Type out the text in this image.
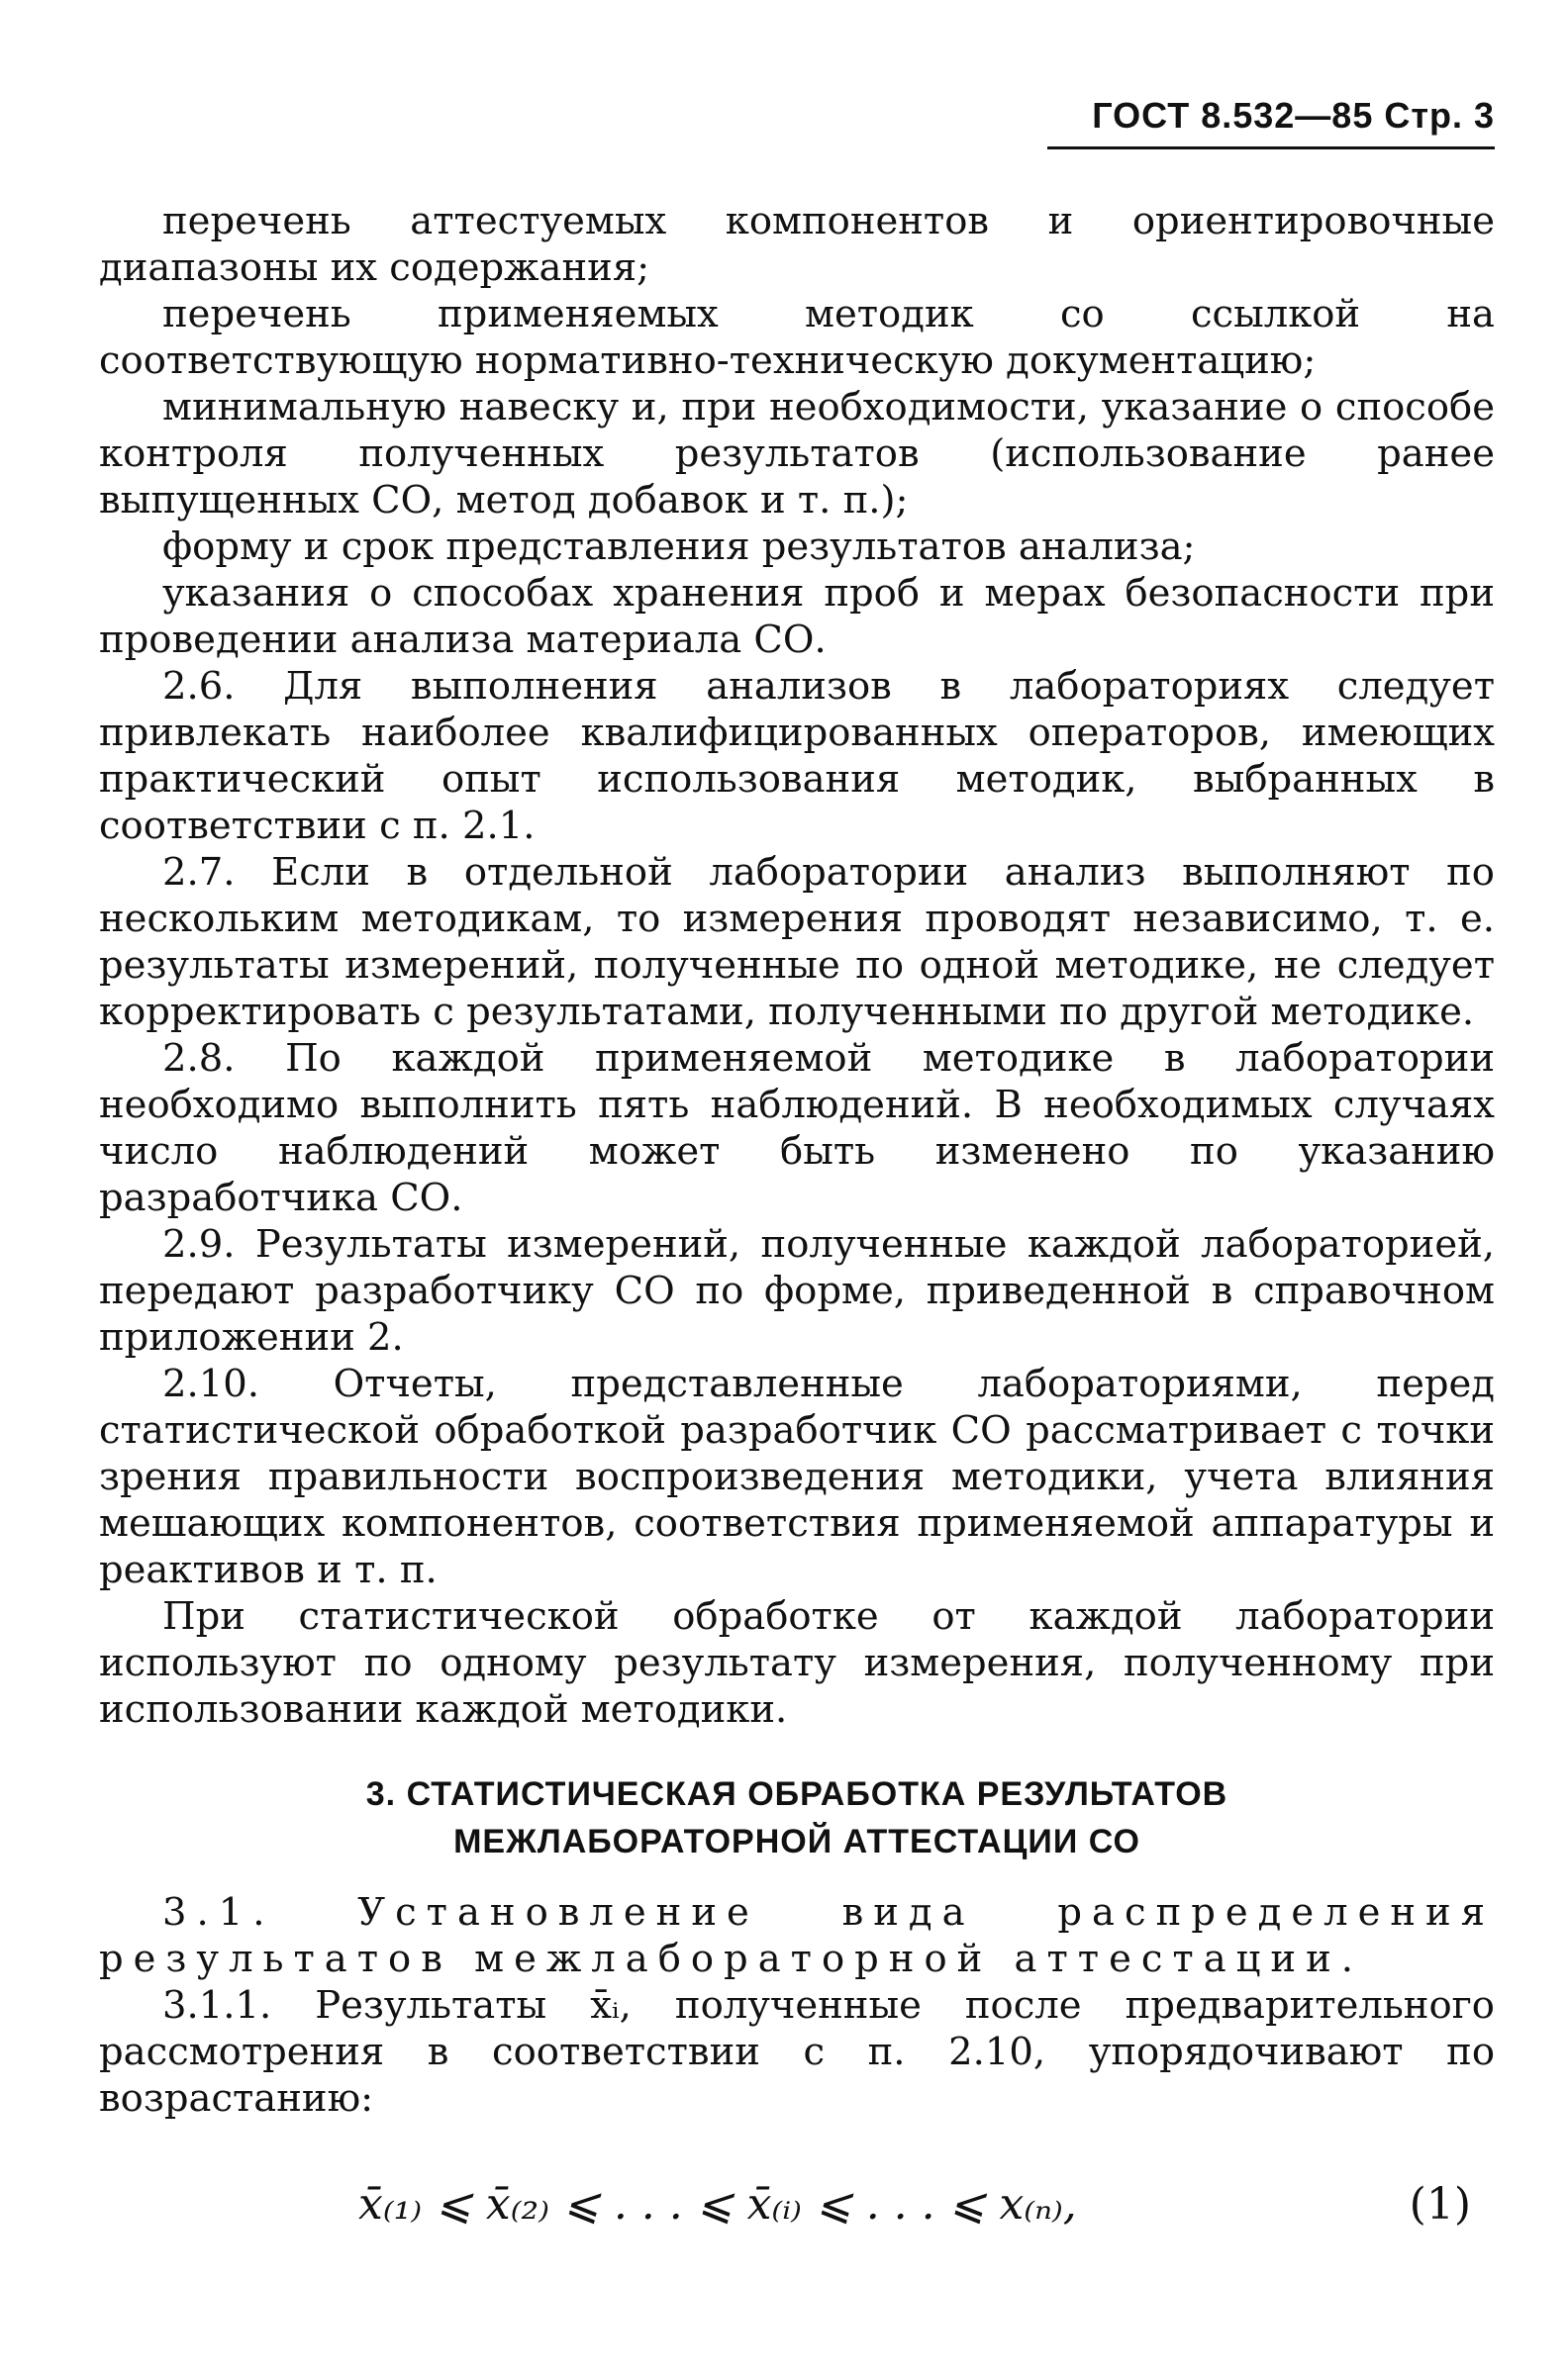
ГОСТ 8.532—85 Стр. 3

перечень аттестуемых компонентов и ориентировочные диапазоны их содержания;

перечень применяемых методик со ссылкой на соответствующую нормативно-техническую документацию;

минимальную навеску и, при необходимости, указание о способе контроля полученных результатов (использование ранее выпущенных СО, метод добавок и т. п.);

форму и срок представления результатов анализа;

указания о способах хранения проб и мерах безопасности при проведении анализа материала СО.

2.6. Для выполнения анализов в лабораториях следует привлекать наиболее квалифицированных операторов, имеющих практический опыт использования методик, выбранных в соответствии с п. 2.1.

2.7. Если в отдельной лаборатории анализ выполняют по нескольким методикам, то измерения проводят независимо, т. е. результаты измерений, полученные по одной методике, не следует корректировать с результатами, полученными по другой методике.

2.8. По каждой применяемой методике в лаборатории необходимо выполнить пять наблюдений. В необходимых случаях число наблюдений может быть изменено по указанию разработчика СО.

2.9. Результаты измерений, полученные каждой лабораторией, передают разработчику СО по форме, приведенной в справочном приложении 2.

2.10. Отчеты, представленные лабораториями, перед статистической обработкой разработчик СО рассматривает с точки зрения правильности воспроизведения методики, учета влияния мешающих компонентов, соответствия применяемой аппаратуры и реактивов и т. п.

При статистической обработке от каждой лаборатории используют по одному результату измерения, полученному при использовании каждой методики.

3. СТАТИСТИЧЕСКАЯ ОБРАБОТКА РЕЗУЛЬТАТОВ
МЕЖЛАБОРАТОРНОЙ АТТЕСТАЦИИ СО

3.1. Установление вида распределения результатов межлабораторной аттестации.

3.1.1. Результаты x̄ᵢ, полученные после предварительного рассмотрения в соответствии с п. 2.10, упорядочивают по возрастанию:

x̄₍₁₎ ⩽ x̄₍₂₎ ⩽ . . . ⩽ x̄₍ᵢ₎ ⩽ . . . ⩽ x₍ₙ₎,	(1)
